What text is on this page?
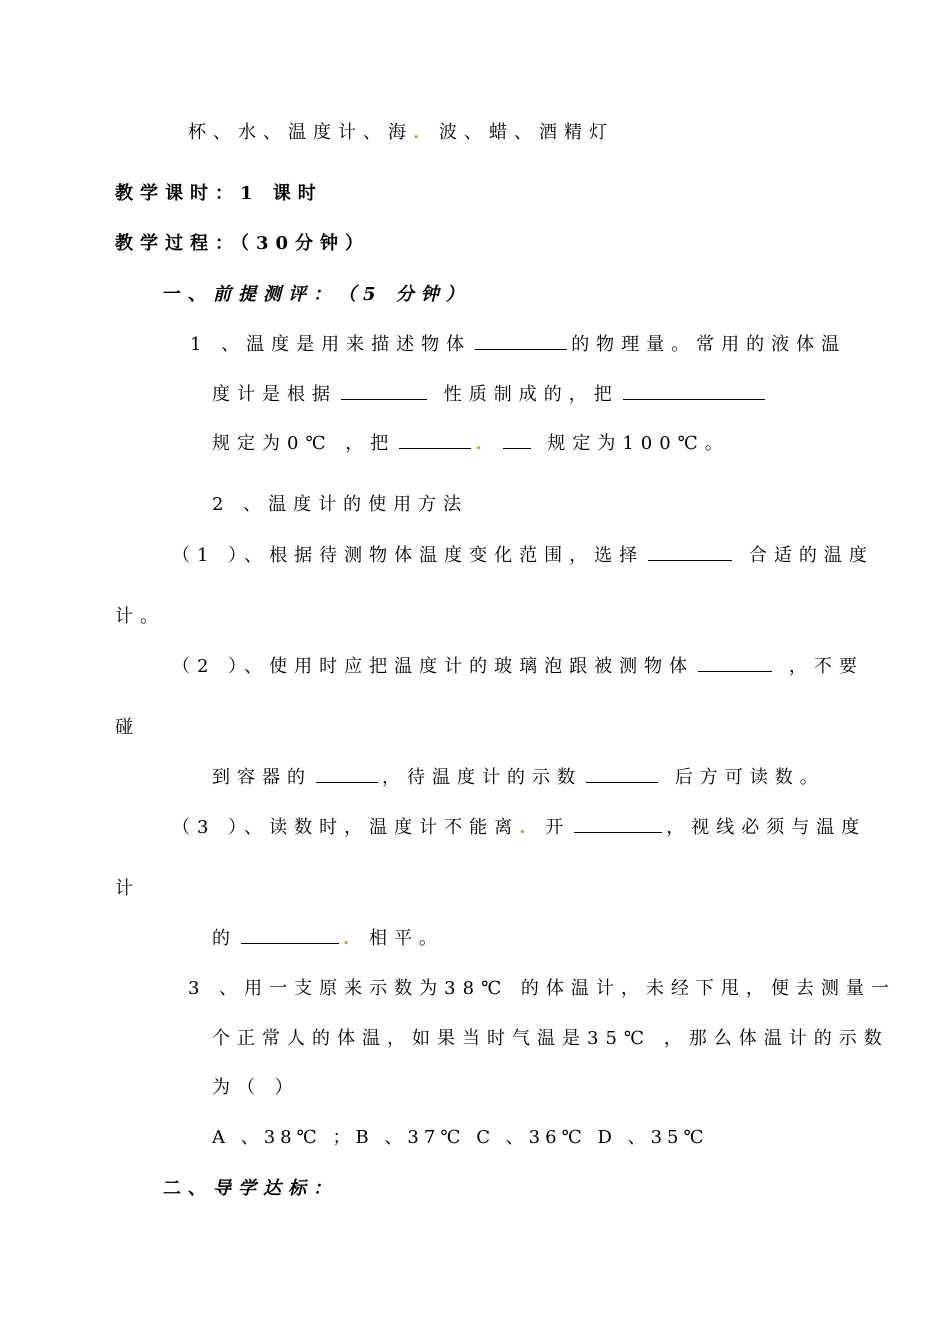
杯、水、温度计、海. 波、蜡、酒精灯
教学课时：1 课时
教学过程：（30分钟）
一、前提测评：（5 分钟）
1 、温度是用来描述物体	的物理量。常用的液体温
度计是根据	性质制成的，把
规定为0℃ ，把	.	规定为100℃。
2 、温度计的使用方法
（1 ）、根据待测物体温度变化范围，选择	合适的温度
计。
（2 ）、使用时应把温度计的玻璃泡跟被测物体	，不要
碰
到容器的	，待温度计的示数	后方可读数。
（3 ）、读数时，温度计不能离. 开	，视线必须与温度
计
的	. 相平。
3 、用一支原来示数为38℃ 的体温计，未经下甩，便去测量一
个正常人的体温，如果当时气温是35℃ ，那么体温计的示数
为（ ）
A 、38℃ ；B 、37℃ C 、36℃ D 、35℃
二、导学达标：
